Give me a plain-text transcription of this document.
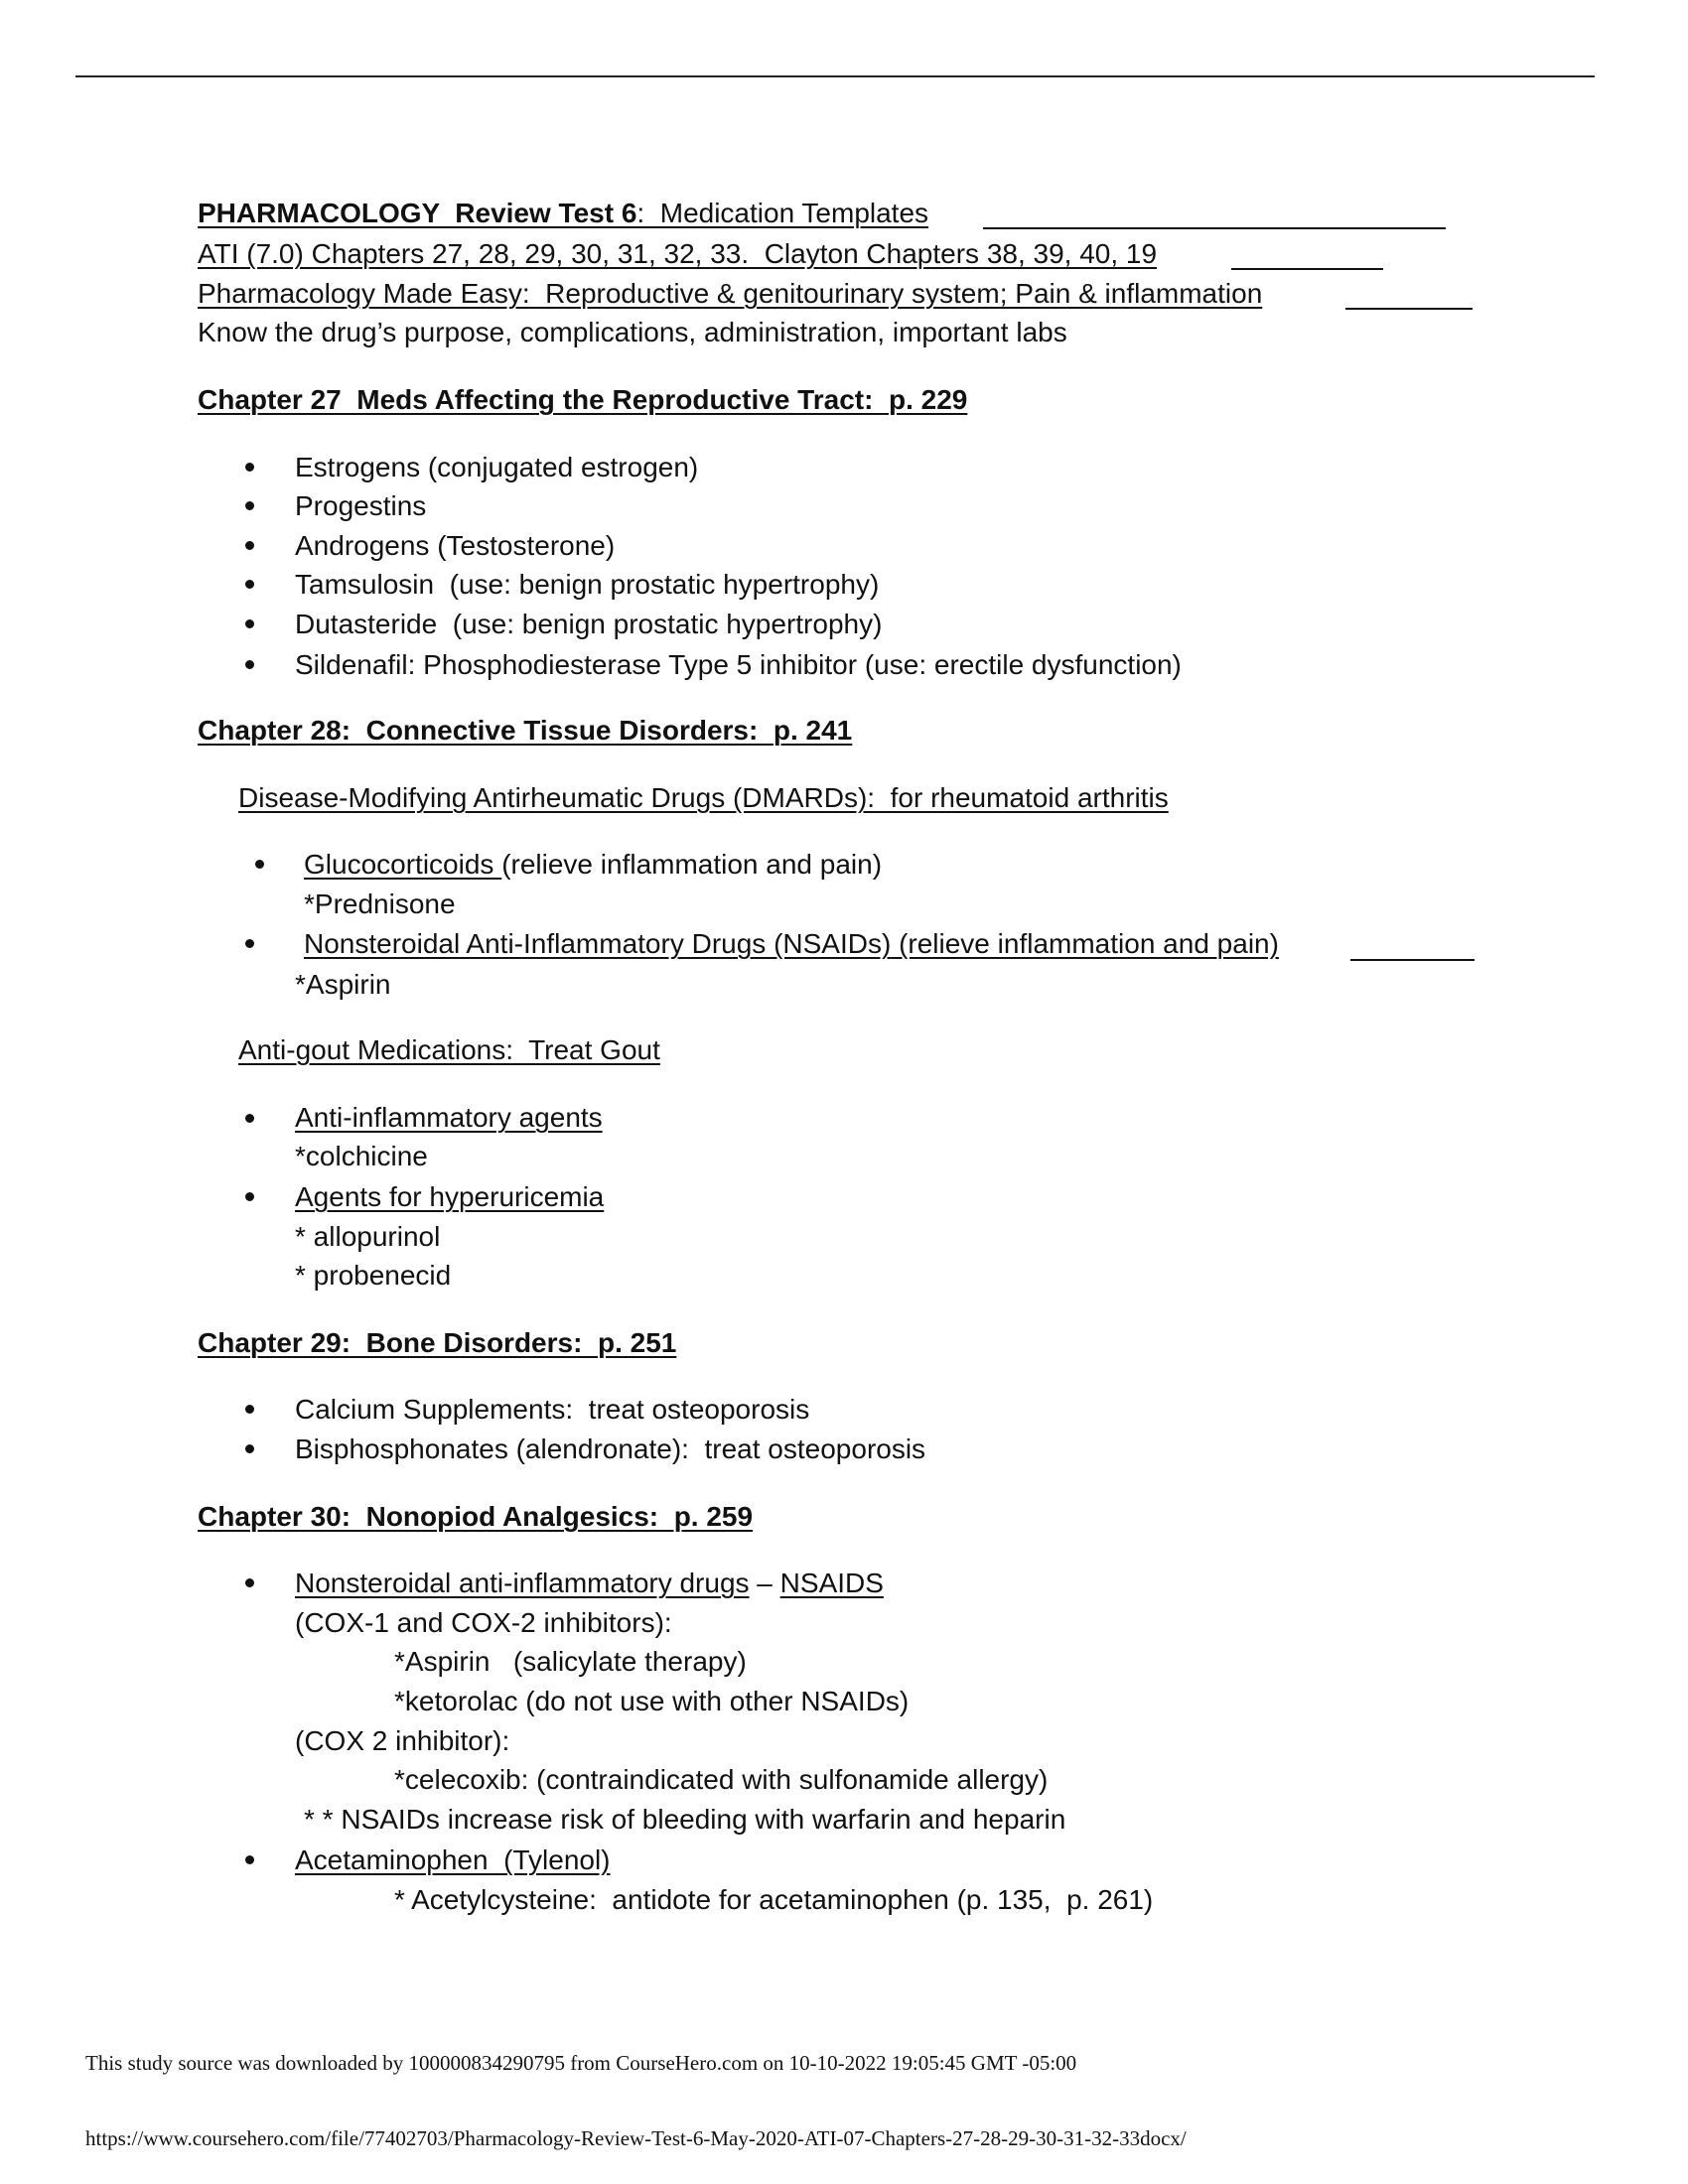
PHARMACOLOGY  Review Test 6:  Medication Templates
ATI (7.0) Chapters 27, 28, 29, 30, 31, 32, 33.  Clayton Chapters 38, 39, 40, 19
Pharmacology Made Easy:  Reproductive & genitourinary system; Pain & inflammation
Know the drug’s purpose, complications, administration, important labs
Chapter 27  Meds Affecting the Reproductive Tract:  p. 229
Estrogens (conjugated estrogen)
Progestins
Androgens (Testosterone)
Tamsulosin  (use: benign prostatic hypertrophy)
Dutasteride  (use: benign prostatic hypertrophy)
Sildenafil: Phosphodiesterase Type 5 inhibitor (use: erectile dysfunction)
Chapter 28:  Connective Tissue Disorders:  p. 241
Disease-Modifying Antirheumatic Drugs (DMARDs):  for rheumatoid arthritis
Glucocorticoids (relieve inflammation and pain)
*Prednisone
Nonsteroidal Anti-Inflammatory Drugs (NSAIDs) (relieve inflammation and pain)
*Aspirin
Anti-gout Medications:  Treat Gout
Anti-inflammatory agents
*colchicine
Agents for hyperuricemia
* allopurinol
* probenecid
Chapter 29:  Bone Disorders:  p. 251
Calcium Supplements:  treat osteoporosis
Bisphosphonates (alendronate):  treat osteoporosis
Chapter 30:  Nonopiod Analgesics:  p. 259
Nonsteroidal anti-inflammatory drugs – NSAIDS
(COX-1 and COX-2 inhibitors):
*Aspirin   (salicylate therapy)
*ketorolac (do not use with other NSAIDs)
(COX 2 inhibitor):
*celecoxib: (contraindicated with sulfonamide allergy)
* * NSAIDs increase risk of bleeding with warfarin and heparin
Acetaminophen  (Tylenol)
* Acetylcysteine:  antidote for acetaminophen (p. 135,  p. 261)
This study source was downloaded by 100000834290795 from CourseHero.com on 10-10-2022 19:05:45 GMT -05:00
https://www.coursehero.com/file/77402703/Pharmacology-Review-Test-6-May-2020-ATI-07-Chapters-27-28-29-30-31-32-33docx/
